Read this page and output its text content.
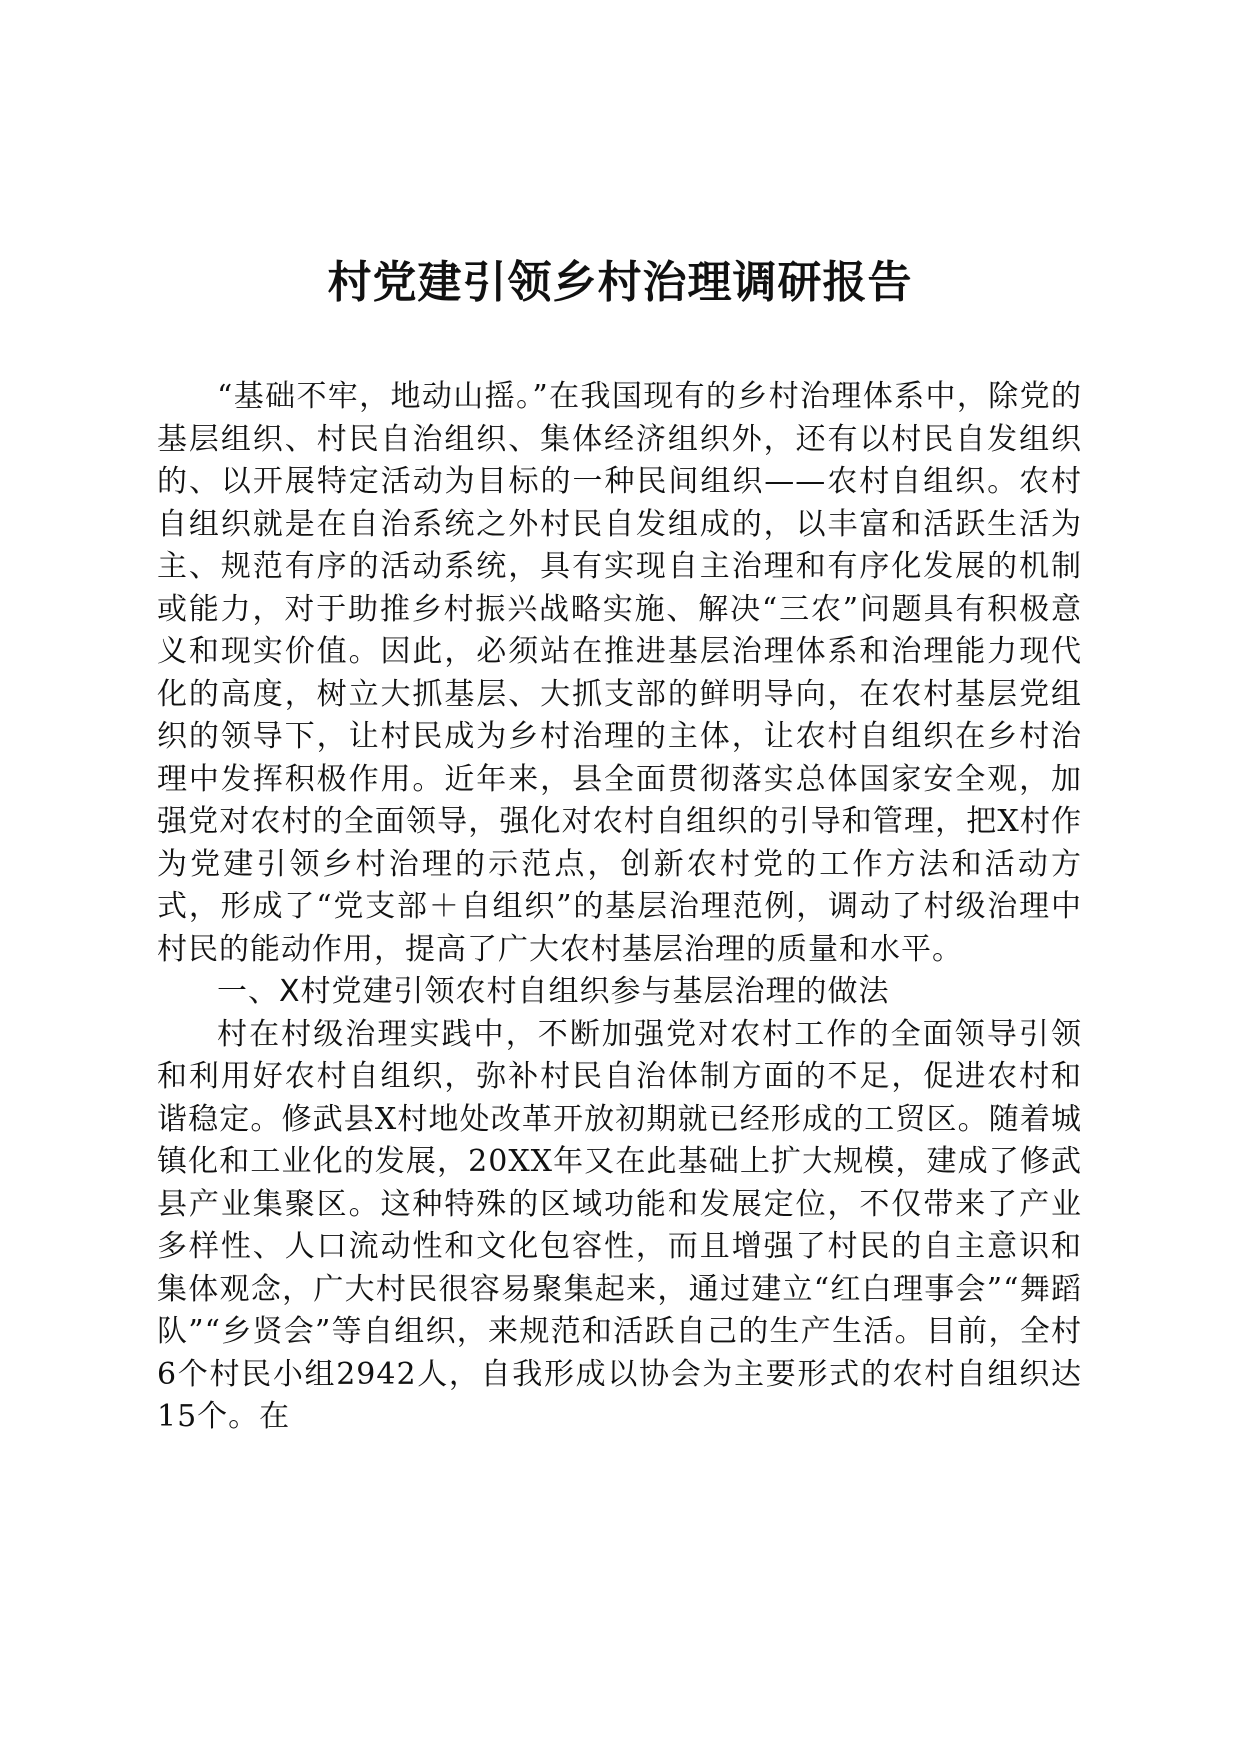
村党建引领乡村治理调研报告

“基础不牢，地动山摇。”在我国现有的乡村治理体系中，除党的基层组织、村民自治组织、集体经济组织外，还有以村民自发组织的、以开展特定活动为目标的一种民间组织——农村自组织。农村自组织就是在自治系统之外村民自发组成的，以丰富和活跃生活为主、规范有序的活动系统，具有实现自主治理和有序化发展的机制或能力，对于助推乡村振兴战略实施、解决“三农”问题具有积极意义和现实价值。因此，必须站在推进基层治理体系和治理能力现代化的高度，树立大抓基层、大抓支部的鲜明导向，在农村基层党组织的领导下，让村民成为乡村治理的主体，让农村自组织在乡村治理中发挥积极作用。近年来，县全面贯彻落实总体国家安全观，加强党对农村的全面领导，强化对农村自组织的引导和管理，把X村作为党建引领乡村治理的示范点，创新农村党的工作方法和活动方式，形成了“党支部＋自组织”的基层治理范例，调动了村级治理中村民的能动作用，提高了广大农村基层治理的质量和水平。

一、X村党建引领农村自组织参与基层治理的做法

村在村级治理实践中，不断加强党对农村工作的全面领导引领和利用好农村自组织，弥补村民自治体制方面的不足，促进农村和谐稳定。修武县X村地处改革开放初期就已经形成的工贸区。随着城镇化和工业化的发展，20XX年又在此基础上扩大规模，建成了修武县产业集聚区。这种特殊的区域功能和发展定位，不仅带来了产业多样性、人口流动性和文化包容性，而且增强了村民的自主意识和集体观念，广大村民很容易聚集起来，通过建立“红白理事会”“舞蹈队”“乡贤会”等自组织，来规范和活跃自己的生产生活。目前，全村6个村民小组2942人，自我形成以协会为主要形式的农村自组织达15个。在
